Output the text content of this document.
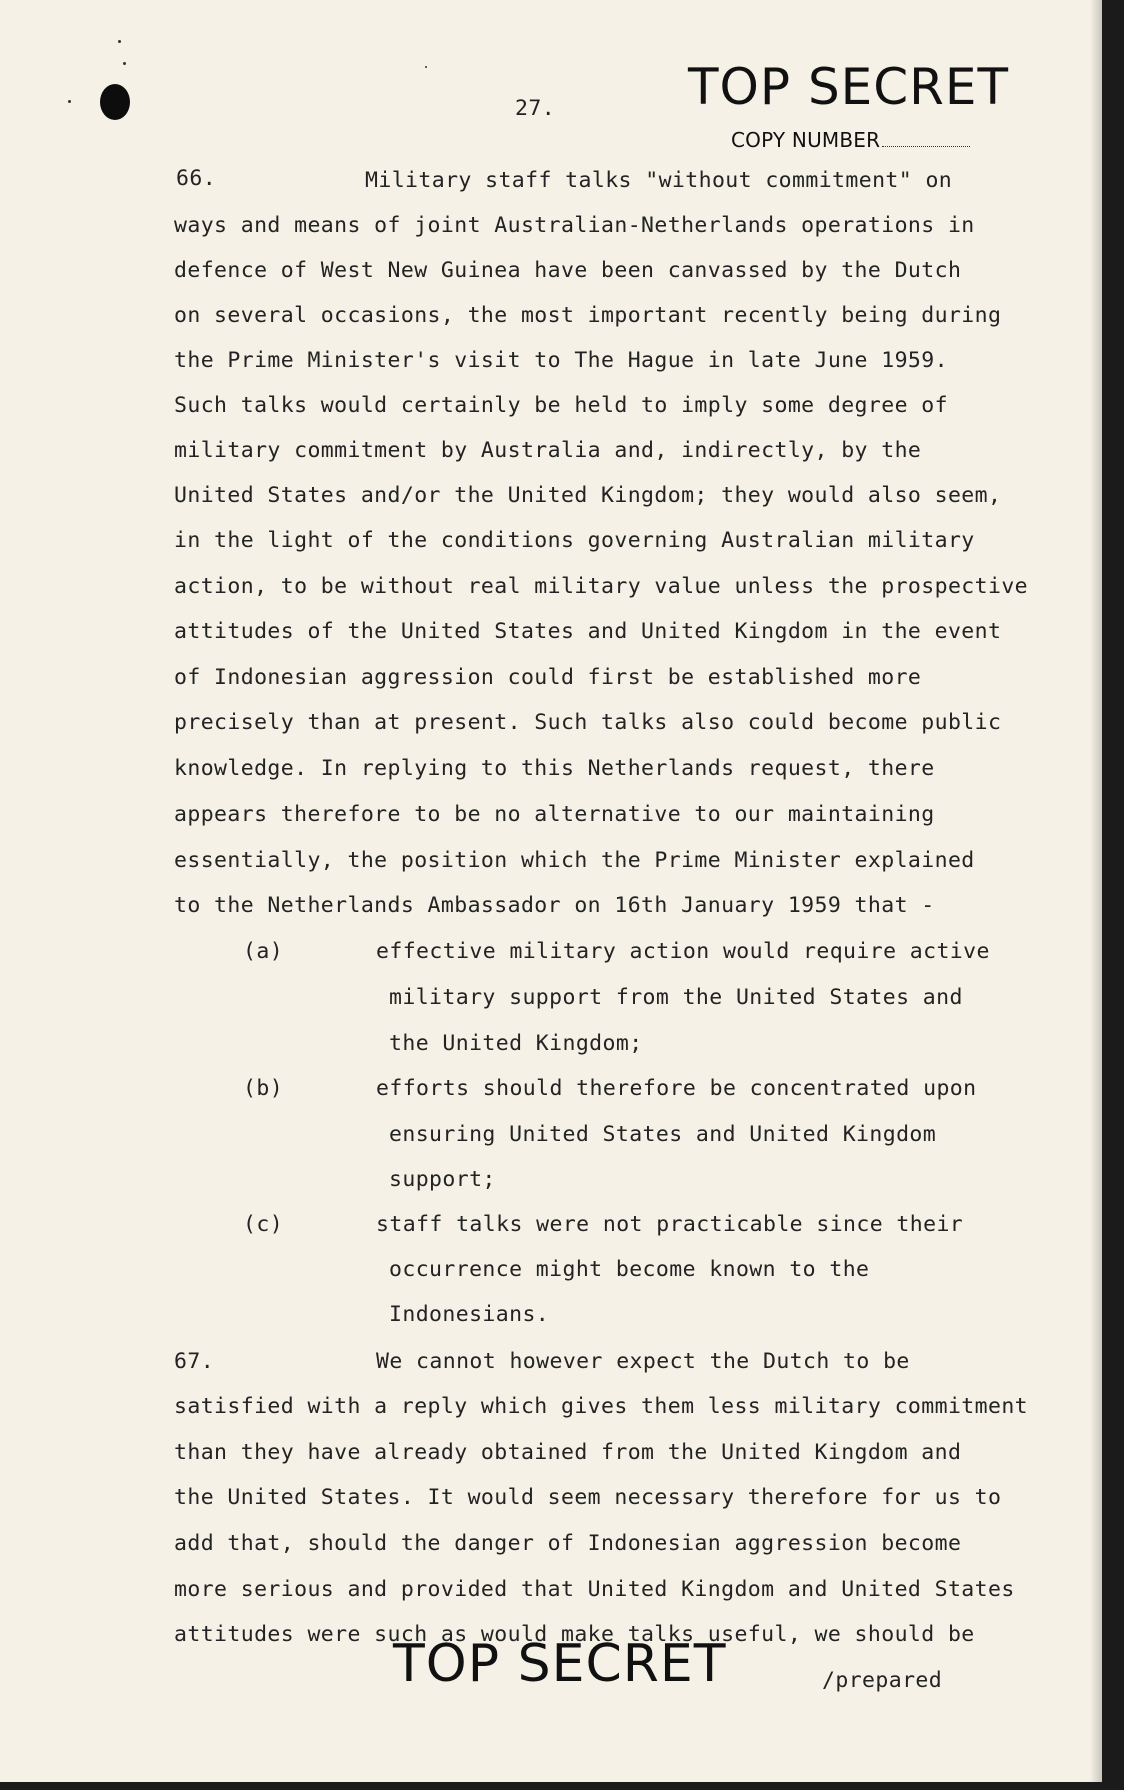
27.	TOP SECRET
COPY NUMBER
66.	Military staff talks "without commitment" on
ways and means of joint Australian-Netherlands operations in
defence of West New Guinea have been canvassed by the Dutch
on several occasions, the most important recently being during
the Prime Minister's visit to The Hague in late June 1959.
Such talks would certainly be held to imply some degree of
military commitment by Australia and, indirectly, by the
United States and/or the United Kingdom; they would also seem,
in the light of the conditions governing Australian military
action, to be without real military value unless the prospective
attitudes of the United States and United Kingdom in the event
of Indonesian aggression could first be established more
precisely than at present. Such talks also could become public
knowledge. In replying to this Netherlands request, there
appears therefore to be no alternative to our maintaining
essentially, the position which the Prime Minister explained
to the Netherlands Ambassador on 16th January 1959 that -
(a)	effective military action would require active
military support from the United States and
the United Kingdom;
(b)	efforts should therefore be concentrated upon
ensuring United States and United Kingdom
support;
(c)	staff talks were not practicable since their
occurrence might become known to the
Indonesians.
67.	We cannot however expect the Dutch to be
satisfied with a reply which gives them less military commitment
than they have already obtained from the United Kingdom and
the United States. It would seem necessary therefore for us to
add that, should the danger of Indonesian aggression become
more serious and provided that United Kingdom and United States
attitudes were such as would make talks useful, we should be
TOP SECRET	/prepared
